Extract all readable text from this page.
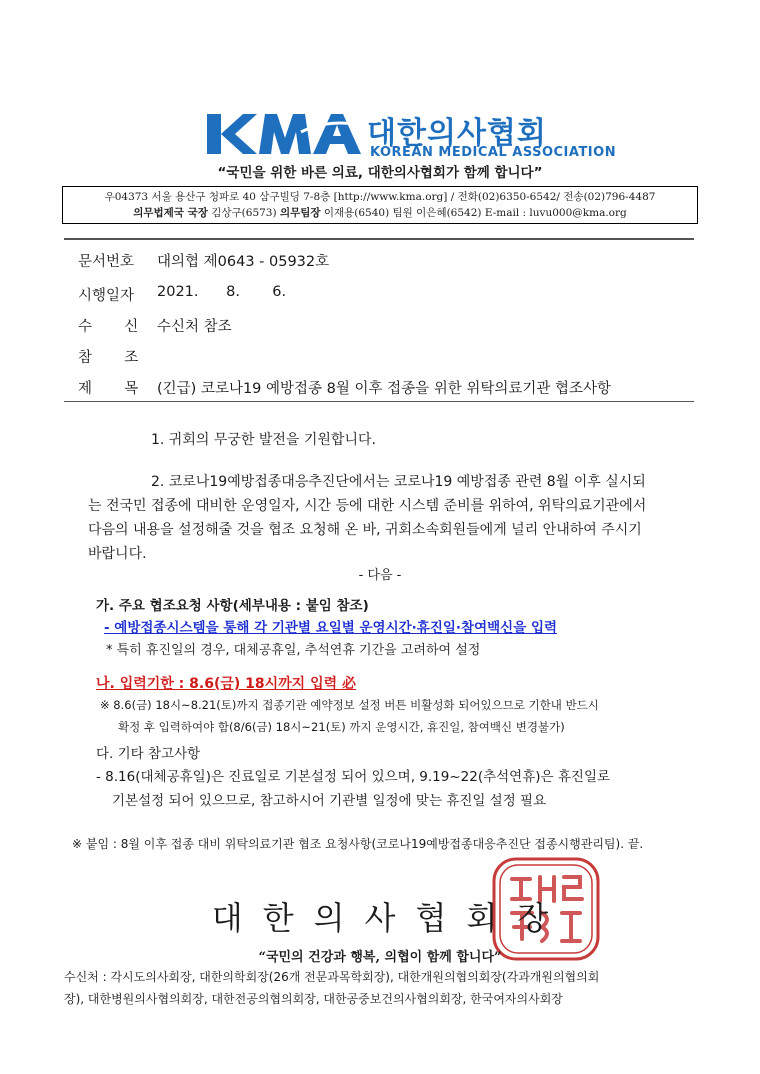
대한의사협회
KOREAN MEDICAL ASSOCIATION
“국민을 위한 바른 의료, 대한의사협회가 함께 합니다”
우04373 서울 용산구 청파로 40 삼구빌딩 7-8층 [http://www.kma.org] / 전화(02)6350-6542/ 전송(02)796-4487
의무법제국 국장 김상구(6573) 의무팀장 이재용(6540) 팀원 이은혜(6542) E-mail : luvu000@kma.org
문서번호 대의협 제0643 - 05932호
시행일자 2021.      8.       6.
수       신 수신처 참조
참       조
제       목 (긴급) 코로나19 예방접종 8월 이후 접종을 위한 위탁의료기관 협조사항
1. 귀회의 무궁한 발전을 기원합니다.
2. 코로나19예방접종대응추진단에서는 코로나19 예방접종 관련 8월 이후 실시되
는 전국민 접종에 대비한 운영일자, 시간 등에 대한 시스템 준비를 위하여, 위탁의료기관에서
다음의 내용을 설정해줄 것을 협조 요청해 온 바, 귀회소속회원들에게 널리 안내하여 주시기
바랍니다.
- 다음 -
가. 주요 협조요청 사항(세부내용 : 붙임 참조)
- 예방접종시스템을 통해 각 기관별 요일별 운영시간·휴진일·참여백신을 입력
* 특히 휴진일의 경우, 대체공휴일, 추석연휴 기간을 고려하여 설정
나. 입력기한 : 8.6(금) 18시까지 입력 必
※ 8.6(금) 18시~8.21(토)까지 접종기관 예약정보 설정 버튼 비활성화 되어있으므로 기한내 반드시
확정 후 입력하여야 함(8/6(금) 18시~21(토) 까지 운영시간, 휴진일, 참여백신 변경불가)
다. 기타 참고사항
- 8.16(대체공휴일)은 진료일로 기본설정 되어 있으며, 9.19~22(추석연휴)은 휴진일로
기본설정 되어 있으므로, 참고하시어 기관별 일정에 맞는 휴진일 설정 필요
※ 붙임 : 8월 이후 접종 대비 위탁의료기관 협조 요청사항(코로나19예방접종대응추진단 접종시행관리팀). 끝.
대한의사협회장
“국민의 건강과 행복, 의협이 함께 합니다”
수신처 : 각시도의사회장, 대한의학회장(26개 전문과목학회장), 대한개원의협의회장(각과개원의협의회
장), 대한병원의사협의회장, 대한전공의협의회장, 대한공중보건의사협의회장, 한국여자의사회장
